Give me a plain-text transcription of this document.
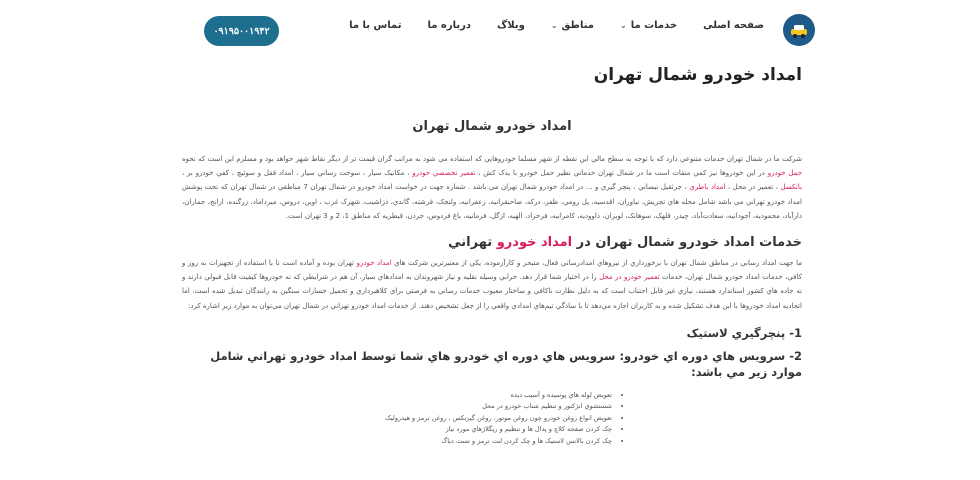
صفحه اصلی
خدمات ما
⌄
مناطق
⌄
وبلاگ
درباره ما
تماس با ما
۰۹۱۹۵۰۰۱۹۴۲
امداد خودرو شمال تهران
امداد خودرو شمال تهران

شرکت ما در شمال تهران خدمات متنوعي دارد که با توجه به سطح مالي اين نقطه از شهر مسلما خودروهايي که استفاده مي شود به مراتب گران قيمت تر از ديگر نقاط شهر خواهد بود و مسلزم اين است که نحوه حمل خودرو در اين خودروها نيز کمي متفات است ما در شمال تهران خدماتي نظير حمل خودرو با يدک کش ، تعمير تخصصي خودرو ، مکانيک سيار ، سوخت رساني سيار ، امداد قفل و سوئيچ ، کفي خودرو بر ، باتکسل ، تعمير در محل ، امداد باطري ، جرثقيل نيساني ، پنچر گيري و ... در امداد خودرو شمال تهران مي باشد . شماره جهت در خواست امداد خودرو در شمال تهران 7 مناطقي در شمال تهران که تحت پوشش امداد خودرو تهراني مي باشد شامل محله هاي تجريش، نياوران، اقدسيه، پل رومي، ظفر، درکه، صاحبقرانيه، زعفرانيه، ولنجک، فرشته، گاندي، ذزاشيب، شهرک غرب ، اوين، دروس، ميرداماد، زرگنده، ارانج، جماران، دارآباد، محموديه، آجودانيه، سعادت‌آباد، چيذر، قلهک، سوهانک، لويزان، داوودیه، کامرانيه، فرحزاد، الهيه، ازگل، فرمانيه، باغ فردوس، جردن، قيطريه که مناطق 1، 2 و 3 تهران است.

خدمات امداد خودرو شمال تهران در امداد خودرو تهراني

ما جهت امداد رساني در مناطق شمال تهران با برخورداري از نيروهاي امدادرساني فعال، متبحر و کارآزموده، يکي از معتبرترين شرکت هاي امداد خودرو تهران بوده و آماده است تا با استفاده از تجهيزات به روز و کافي، خدمات امداد خودرو شمال تهران، خدمات تعمير خودرو در محل را در اختيار شما قرار دهد. خرابي وسيله نقليه و نياز شهروندان به امدادهاي سيار، آن هم در شرايطي که نه خودروها کيفيت قابل قبولي دارند و نه جاده هاي کشور استاندارد هستند، نيازي غير قابل اجتناب است که به دليل نظارت ناکافي و ساختار معيوب خدمات رساني به فرصتي براي کلاهبرداري و تحميل خسارات سنگين به رانندگان تبديل شده است. اما اتحاديه امداد خودروها با اين هدف تشکيل شده و به کاربران اجازه مي‌دهد تا با سادگي تيم‌هاي امدادي واقعي را از جعل تشخيص دهند. از خدمات امداد خودرو تهراني در شمال تهران مي‌توان به موارد زير اشاره کرد:

1- پنچرگيري لاستيک
2- سرويس هاي دوره اي خودرو: سرويس هاي دوره اي خودرو هاي شما توسط امداد خودرو تهراني شامل موارد زير مي باشد:
• تعويض لوله هاي پوسيده و آسيب ديده
• شستشوي انژکتور و تنظيم شتاب خودرو در محل
• تعويض انواع روغن خودرو چون روغن موتور، روغن گيربکس ، روغن ترمز و هيدروليک
• چک کردن صفحه کلاچ و پدال ها و تنظيم و ريگلاژهاي مورد نياز
• چک کردن بالانس لاستيک ها و چک کردن لنت ترمز و تست دياگ
